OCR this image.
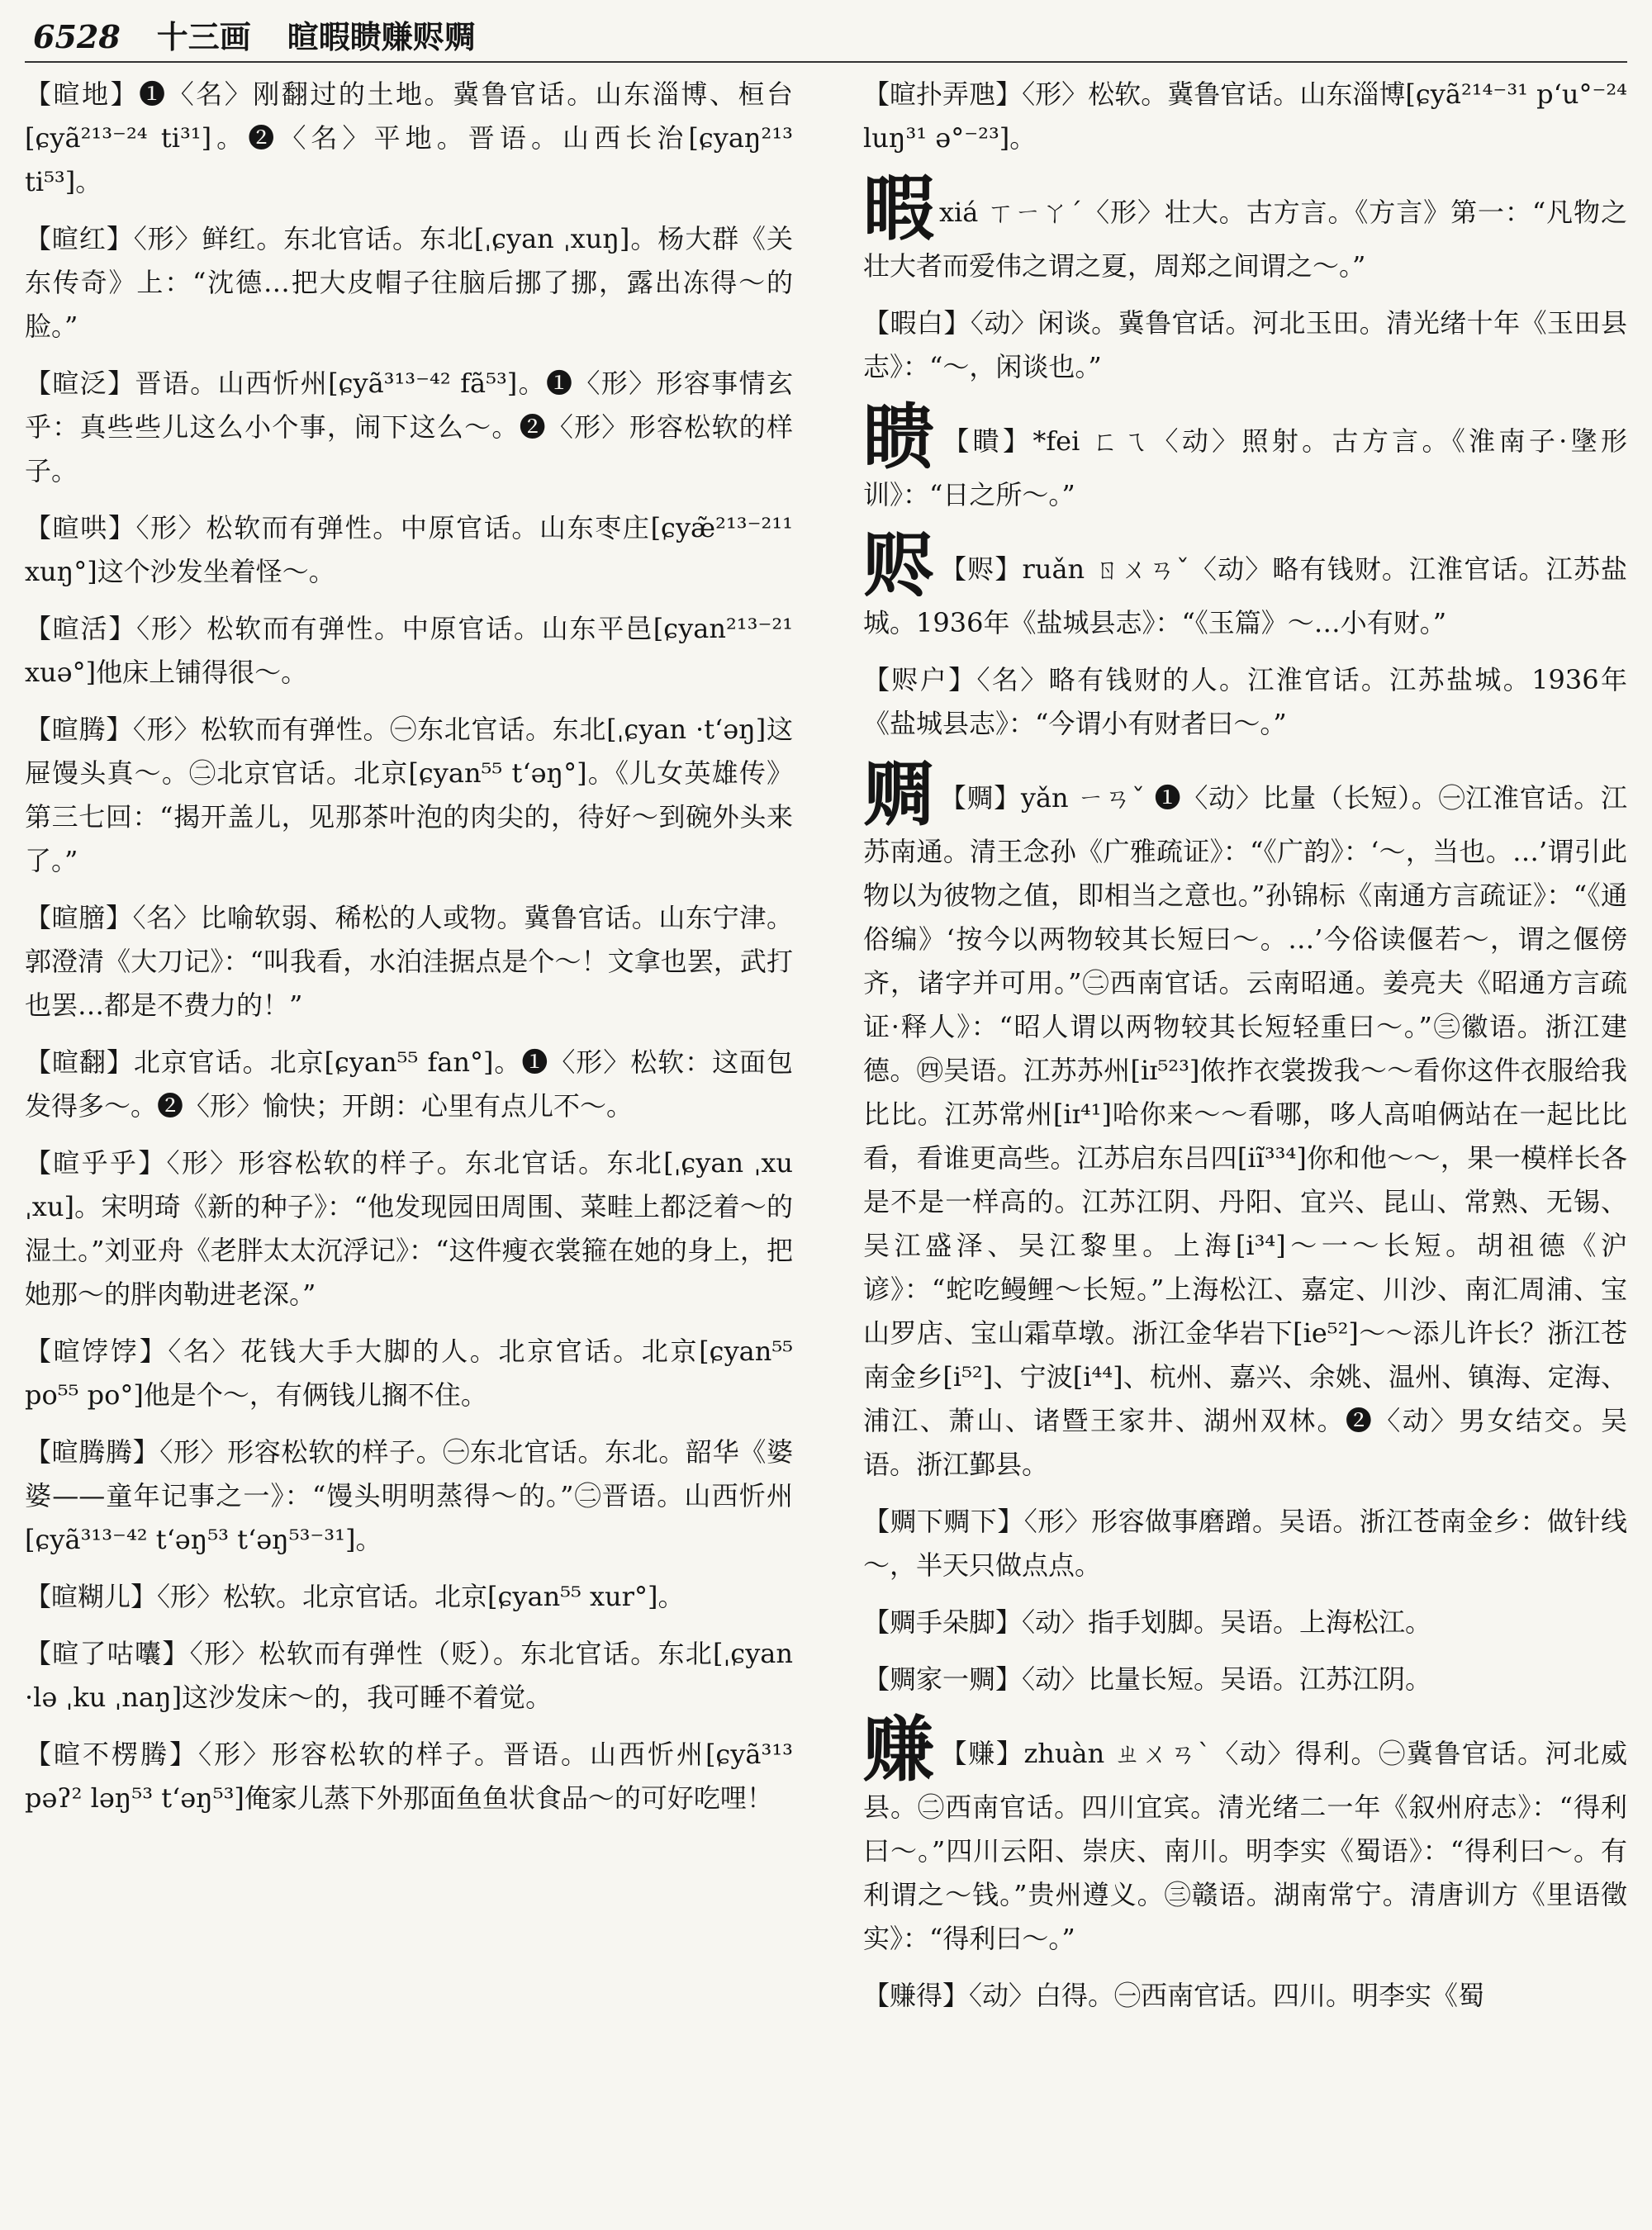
6528 十三画 暄暇瞆赚赆赒

【暄地】❶〈名〉刚翻过的土地。冀鲁官话。山东淄博、桓台[ɕyã²¹³⁻²⁴ ti³¹]。❷〈名〉平地。晋语。山西长治[ɕyaŋ²¹³ ti⁵³]。

【暄红】〈形〉鲜红。东北官话。东北[ˌɕyan ˌxuŋ]。杨大群《关东传奇》上：“沈德…把大皮帽子往脑后挪了挪，露出冻得～的脸。”

【暄泛】晋语。山西忻州[ɕyã³¹³⁻⁴² fã⁵³]。❶〈形〉形容事情玄乎：真些些儿这么小个事，闹下这么～。❷〈形〉形容松软的样子。

【暄哄】〈形〉松软而有弹性。中原官话。山东枣庄[ɕyæ̃²¹³⁻²¹¹ xuŋ°]这个沙发坐着怪～。

【暄活】〈形〉松软而有弹性。中原官话。山东平邑[ɕyan²¹³⁻²¹ xuə°]他床上铺得很～。

【暄腾】〈形〉松软而有弹性。㊀东北官话。东北[ˌɕyan ·tʻəŋ]这屉馒头真～。㊁北京官话。北京[ɕyan⁵⁵ tʻəŋ°]。《儿女英雄传》第三七回：“揭开盖儿，见那茶叶泡的肉尖的，待好～到碗外头来了。”

【暄膪】〈名〉比喻软弱、稀松的人或物。冀鲁官话。山东宁津。郭澄清《大刀记》：“叫我看，水泊洼据点是个～！文拿也罢，武打也罢…都是不费力的！”

【暄翻】北京官话。北京[ɕyan⁵⁵ fan°]。❶〈形〉松软：这面包发得多～。❷〈形〉愉快；开朗：心里有点儿不～。

【暄乎乎】〈形〉形容松软的样子。东北官话。东北[ˌɕyan ˌxu ˌxu]。宋明琦《新的种子》：“他发现园田周围、菜畦上都泛着～的湿土。”刘亚舟《老胖太太沉浮记》：“这件瘦衣裳箍在她的身上，把她那～的胖肉勒进老深。”

【暄饽饽】〈名〉花钱大手大脚的人。北京官话。北京[ɕyan⁵⁵ po⁵⁵ po°]他是个～，有俩钱儿搁不住。

【暄腾腾】〈形〉形容松软的样子。㊀东北官话。东北。韶华《婆婆——童年记事之一》：“馒头明明蒸得～的。”㊁晋语。山西忻州[ɕyã³¹³⁻⁴² tʻəŋ⁵³ tʻəŋ⁵³⁻³¹]。

【暄糊儿】〈形〉松软。北京官话。北京[ɕyan⁵⁵ xur°]。

【暄了咕囔】〈形〉松软而有弹性（贬）。东北官话。东北[ˌɕyan ·lə ˌku ˌnaŋ]这沙发床～的，我可睡不着觉。

【暄不楞腾】〈形〉形容松软的样子。晋语。山西忻州[ɕyã³¹³ pəʔ² ləŋ⁵³ tʻəŋ⁵³]俺家儿蒸下外那面鱼鱼状食品～的可好吃哩！

【暄扑弄虺】〈形〉松软。冀鲁官话。山东淄博[ɕyã²¹⁴⁻³¹ pʻu°⁻²⁴ luŋ³¹ ə°⁻²³]。

暇xiá ㄒㄧㄚˊ〈形〉壮大。古方言。《方言》第一：“凡物之壮大者而爱伟之谓之夏，周郑之间谓之～。”

【暇白】〈动〉闲谈。冀鲁官话。河北玉田。清光绪十年《玉田县志》：“～，闲谈也。”

瞆 【瞶】*fei ㄈㄟ〈动〉照射。古方言。《淮南子·墬形训》：“日之所～。”

赆 【赆】ruǎn ㄖㄨㄢˇ〈动〉略有钱财。江淮官话。江苏盐城。1936年《盐城县志》：“《玉篇》～…小有财。”

【赆户】〈名〉略有钱财的人。江淮官话。江苏盐城。1936年《盐城县志》：“今谓小有财者曰～。”

赒 【赒】yǎn ㄧㄢˇ ❶〈动〉比量（长短）。㊀江淮官话。江苏南通。清王念孙《广雅疏证》：“《广韵》：‘～，当也。…’谓引此物以为彼物之值，即相当之意也。”孙锦标《南通方言疏证》：“《通俗编》‘按今以两物较其长短曰～。…’今俗读偃若～，谓之偃傍齐，诸字并可用。”㊁西南官话。云南昭通。姜亮夫《昭通方言疏证·释人》：“昭人谓以两物较其长短轻重曰～。”㊂徽语。浙江建德。㊃吴语。江苏苏州[iɪ⁵²³]侬拃衣裳拨我～～看你这件衣服给我比比。江苏常州[iɪ⁴¹]哈你来～～看哪，哆人高咱俩站在一起比比看，看谁更高些。江苏启东吕四[iĩ³³⁴]你和他～～，果一模样长各是不是一样高的。江苏江阴、丹阳、宜兴、昆山、常熟、无锡、吴江盛泽、吴江黎里。上海[i³⁴]～一～长短。胡祖德《沪谚》：“蛇吃鳗鲤～长短。”上海松江、嘉定、川沙、南汇周浦、宝山罗店、宝山霜草墩。浙江金华岩下[ie⁵²]～～添儿许长？浙江苍南金乡[i⁵²]、宁波[i⁴⁴]、杭州、嘉兴、余姚、温州、镇海、定海、浦江、萧山、诸暨王家井、湖州双林。❷〈动〉男女结交。吴语。浙江鄞县。

【赒下赒下】〈形〉形容做事磨蹭。吴语。浙江苍南金乡：做针线～，半天只做点点。

【赒手朵脚】〈动〉指手划脚。吴语。上海松江。

【赒家一赒】〈动〉比量长短。吴语。江苏江阴。

赚 【赚】zhuàn ㄓㄨㄢˋ〈动〉得利。㊀冀鲁官话。河北威县。㊁西南官话。四川宜宾。清光绪二一年《叙州府志》：“得利曰～。”四川云阳、崇庆、南川。明李实《蜀语》：“得利曰～。有利谓之～钱。”贵州遵义。㊂赣语。湖南常宁。清唐训方《里语徵实》：“得利曰～。”

【赚得】〈动〉白得。㊀西南官话。四川。明李实《蜀
